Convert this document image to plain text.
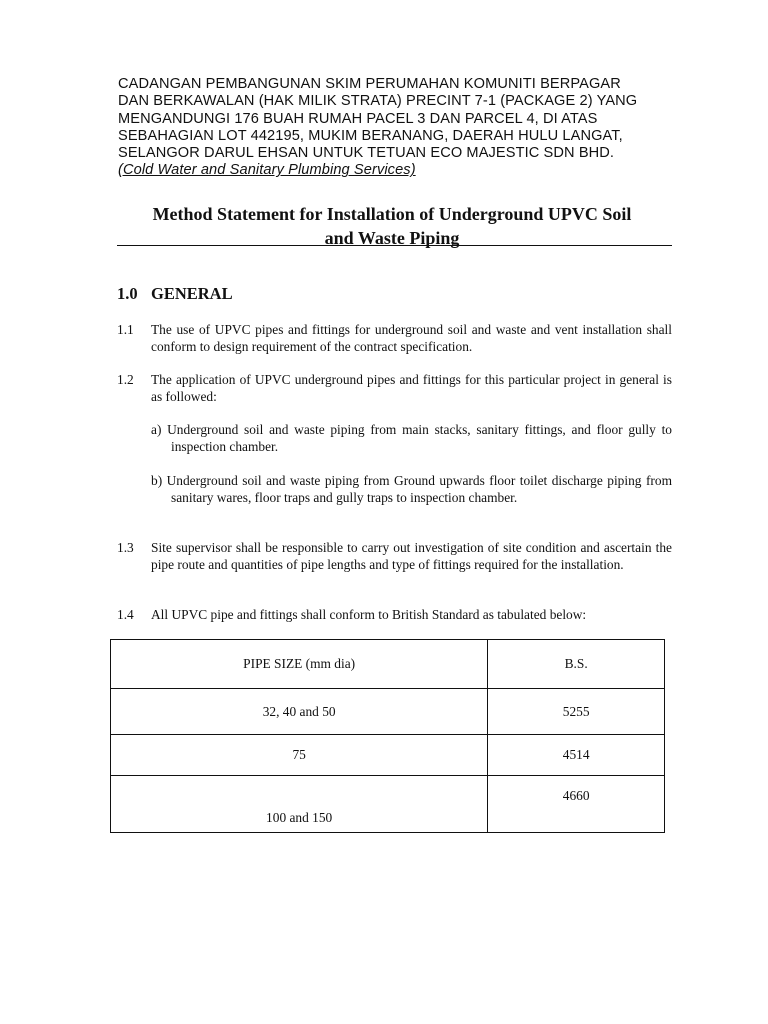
CADANGAN PEMBANGUNAN SKIM PERUMAHAN KOMUNITI BERPAGAR
DAN BERKAWALAN (HAK MILIK STRATA) PRECINT 7-1 (PACKAGE 2) YANG
MENGANDUNGI 176 BUAH RUMAH PACEL 3 DAN PARCEL 4, DI ATAS
SEBAHAGIAN LOT 442195, MUKIM BERANANG, DAERAH HULU LANGAT,
SELANGOR DARUL EHSAN UNTUK TETUAN ECO MAJESTIC SDN BHD.
(Cold Water and Sanitary Plumbing Services)
Method Statement for Installation of Underground UPVC Soil
and Waste Piping
1.0 GENERAL
1.1 The use of UPVC pipes and fittings for underground soil and waste and vent installation shall conform to design requirement of the contract specification.
1.2 The application of UPVC underground pipes and fittings for this particular project in general is as followed:
a) Underground soil and waste piping from main stacks, sanitary fittings, and floor gully to inspection chamber.
b) Underground soil and waste piping from Ground upwards floor toilet discharge piping from sanitary wares, floor traps and gully traps to inspection chamber.
1.3 Site supervisor shall be responsible to carry out investigation of site condition and ascertain the pipe route and quantities of pipe lengths and type of fittings required for the installation.
1.4 All UPVC pipe and fittings shall conform to British Standard as tabulated below:
PIPE SIZE (mm dia)	B.S.
32, 40 and 50	5255
75	4514
100 and 150	4660
